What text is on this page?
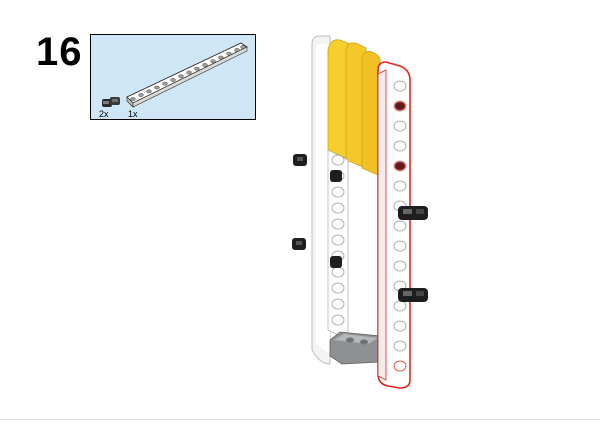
16
2x 1x
